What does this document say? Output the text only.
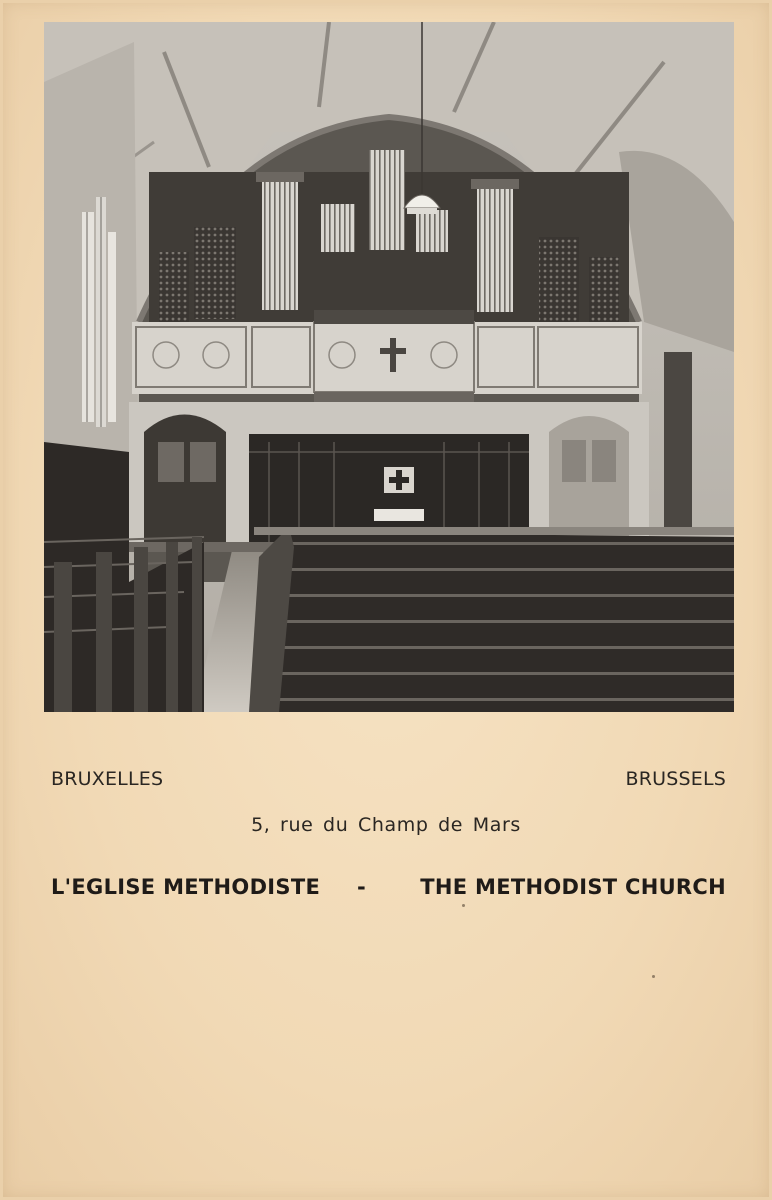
BRUXELLES	BRUSSELS
5, rue du Champ de Mars
L'EGLISE METHODISTE -	THE METHODIST CHURCH
